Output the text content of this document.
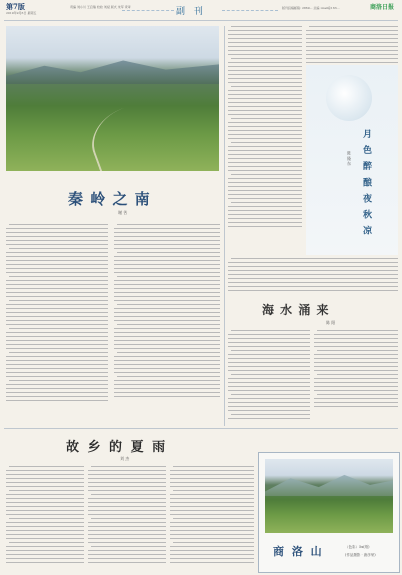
第7版
2019年9月6日 星期五
责编 刘小川 王启瑞 校检 刘斌 版式 朱军 责审	副 刊	版刊投稿邮箱: 2869... 总编 :mail@163...	商洛日报
秦 岭 之 南
谢 苦	月 色 醉 酿 夜 秋 凉
陈 隆 东
海 水 涌 来
陈 阳
故 乡 的 夏 雨
刘 杰
商 洛 山	（色彩）5x(纸)
(作品摄影 · 唐彦荣)
